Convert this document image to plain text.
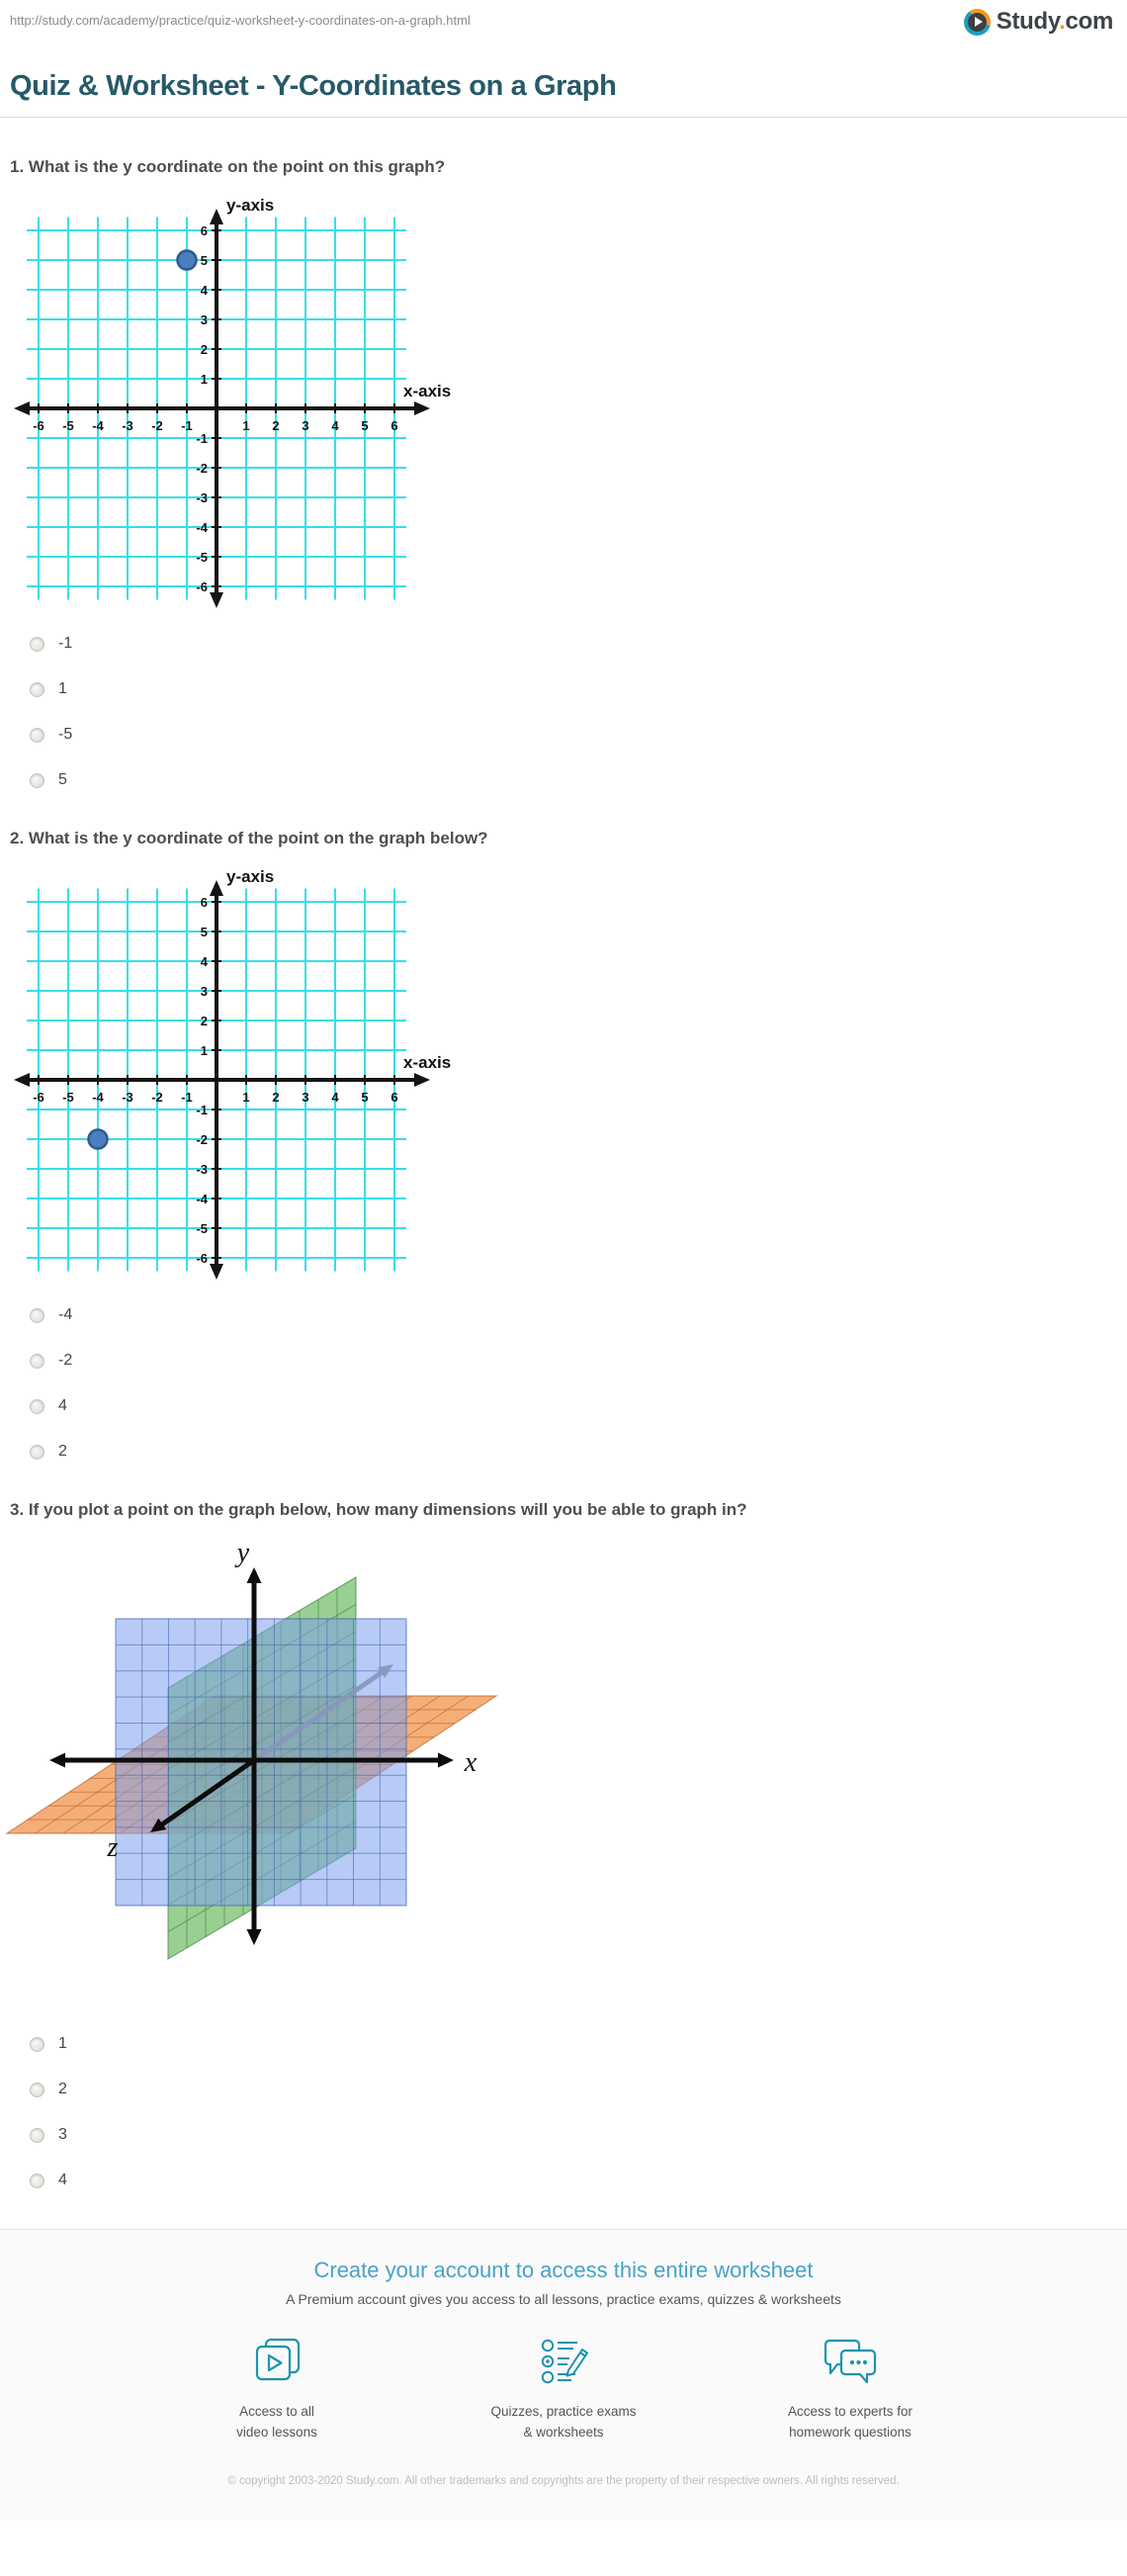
http://study.com/academy/practice/quiz-worksheet-y-coordinates-on-a-graph.html	Study.com
Quiz & Worksheet - Y-Coordinates on a Graph

1. What is the y coordinate on the point on this graph?

-6 -5 -4 -3 -2 -1	1 2 3 4 5 6
-6
-5
-4
-3
-2
-1
1
2
3
4
5
6
y-axis
x-axis
-1
1
-5
5

2. What is the y coordinate of the point on the graph below?

-6 -5 -4 -3 -2 -1	1 2 3 4 5 6
-6
-5
-4
-3
-2
-1
1
2
3
4
5
6
y-axis
x-axis
-4
-2
4
2

3. If you plot a point on the graph below, how many dimensions will you be able to graph in?

y
x
z
1
2
3
4
Create your account to access this entire worksheet
A Premium account gives you access to all lessons, practice exams, quizzes & worksheets
Access to all
video lessons
Quizzes, practice exams
& worksheets
Access to experts for
homework questions
© copyright 2003-2020 Study.com. All other trademarks and copyrights are the property of their respective owners. All rights reserved.
